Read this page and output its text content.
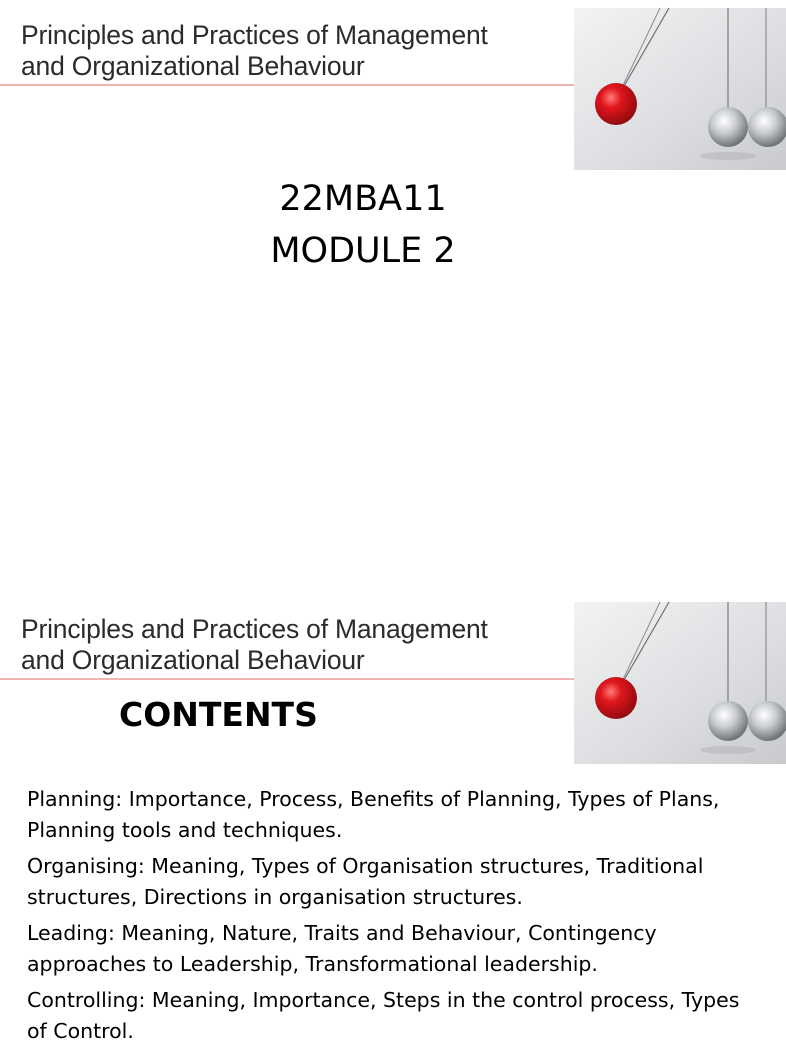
Principles and Practices of Management
and Organizational Behaviour
22MBA11
MODULE 2
Principles and Practices of Management
and Organizational Behaviour
CONTENTS

Planning: Importance, Process, Benefits of Planning, Types of Plans, Planning tools and techniques.

Organising: Meaning, Types of Organisation structures, Traditional structures, Directions in organisation structures.

Leading: Meaning, Nature, Traits and Behaviour, Contingency approaches to Leadership, Transformational leadership.

Controlling: Meaning, Importance, Steps in the control process, Types of Control.
